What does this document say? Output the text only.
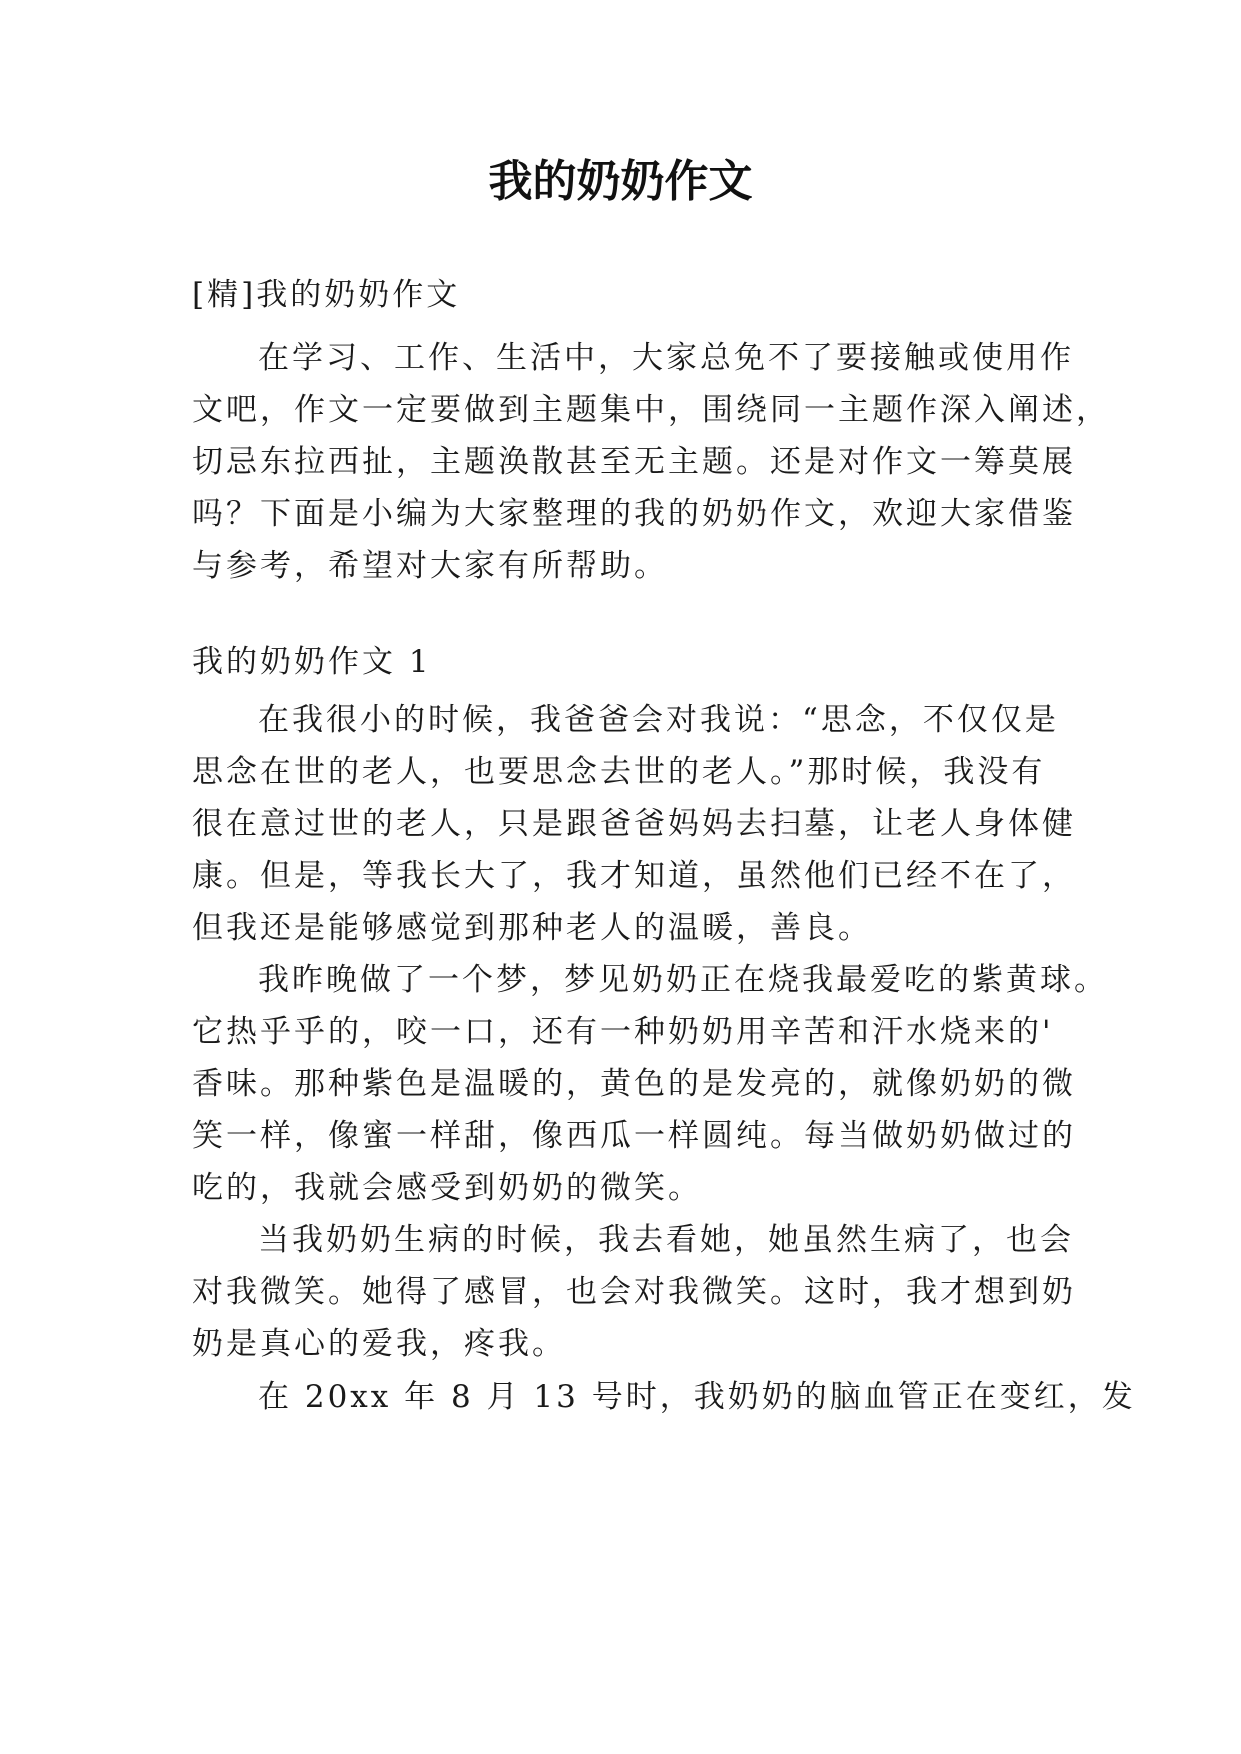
我的奶奶作文
[精]我的奶奶作文
在学习、工作、生活中，大家总免不了要接触或使用作
文吧，作文一定要做到主题集中，围绕同一主题作深入阐述，
切忌东拉西扯，主题涣散甚至无主题。还是对作文一筹莫展
吗？下面是小编为大家整理的我的奶奶作文，欢迎大家借鉴
与参考，希望对大家有所帮助。
我的奶奶作文 1
在我很小的时候，我爸爸会对我说：“思念，不仅仅是
思念在世的老人，也要思念去世的老人。”那时候，我没有
很在意过世的老人，只是跟爸爸妈妈去扫墓，让老人身体健
康。但是，等我长大了，我才知道，虽然他们已经不在了，
但我还是能够感觉到那种老人的温暖，善良。
我昨晚做了一个梦，梦见奶奶正在烧我最爱吃的紫黄球。
它热乎乎的，咬一口，还有一种奶奶用辛苦和汗水烧来的'
香味。那种紫色是温暖的，黄色的是发亮的，就像奶奶的微
笑一样，像蜜一样甜，像西瓜一样圆纯。每当做奶奶做过的
吃的，我就会感受到奶奶的微笑。
当我奶奶生病的时候，我去看她，她虽然生病了，也会
对我微笑。她得了感冒，也会对我微笑。这时，我才想到奶
奶是真心的爱我，疼我。
在 20xx 年 8 月 13 号时，我奶奶的脑血管正在变红，发
